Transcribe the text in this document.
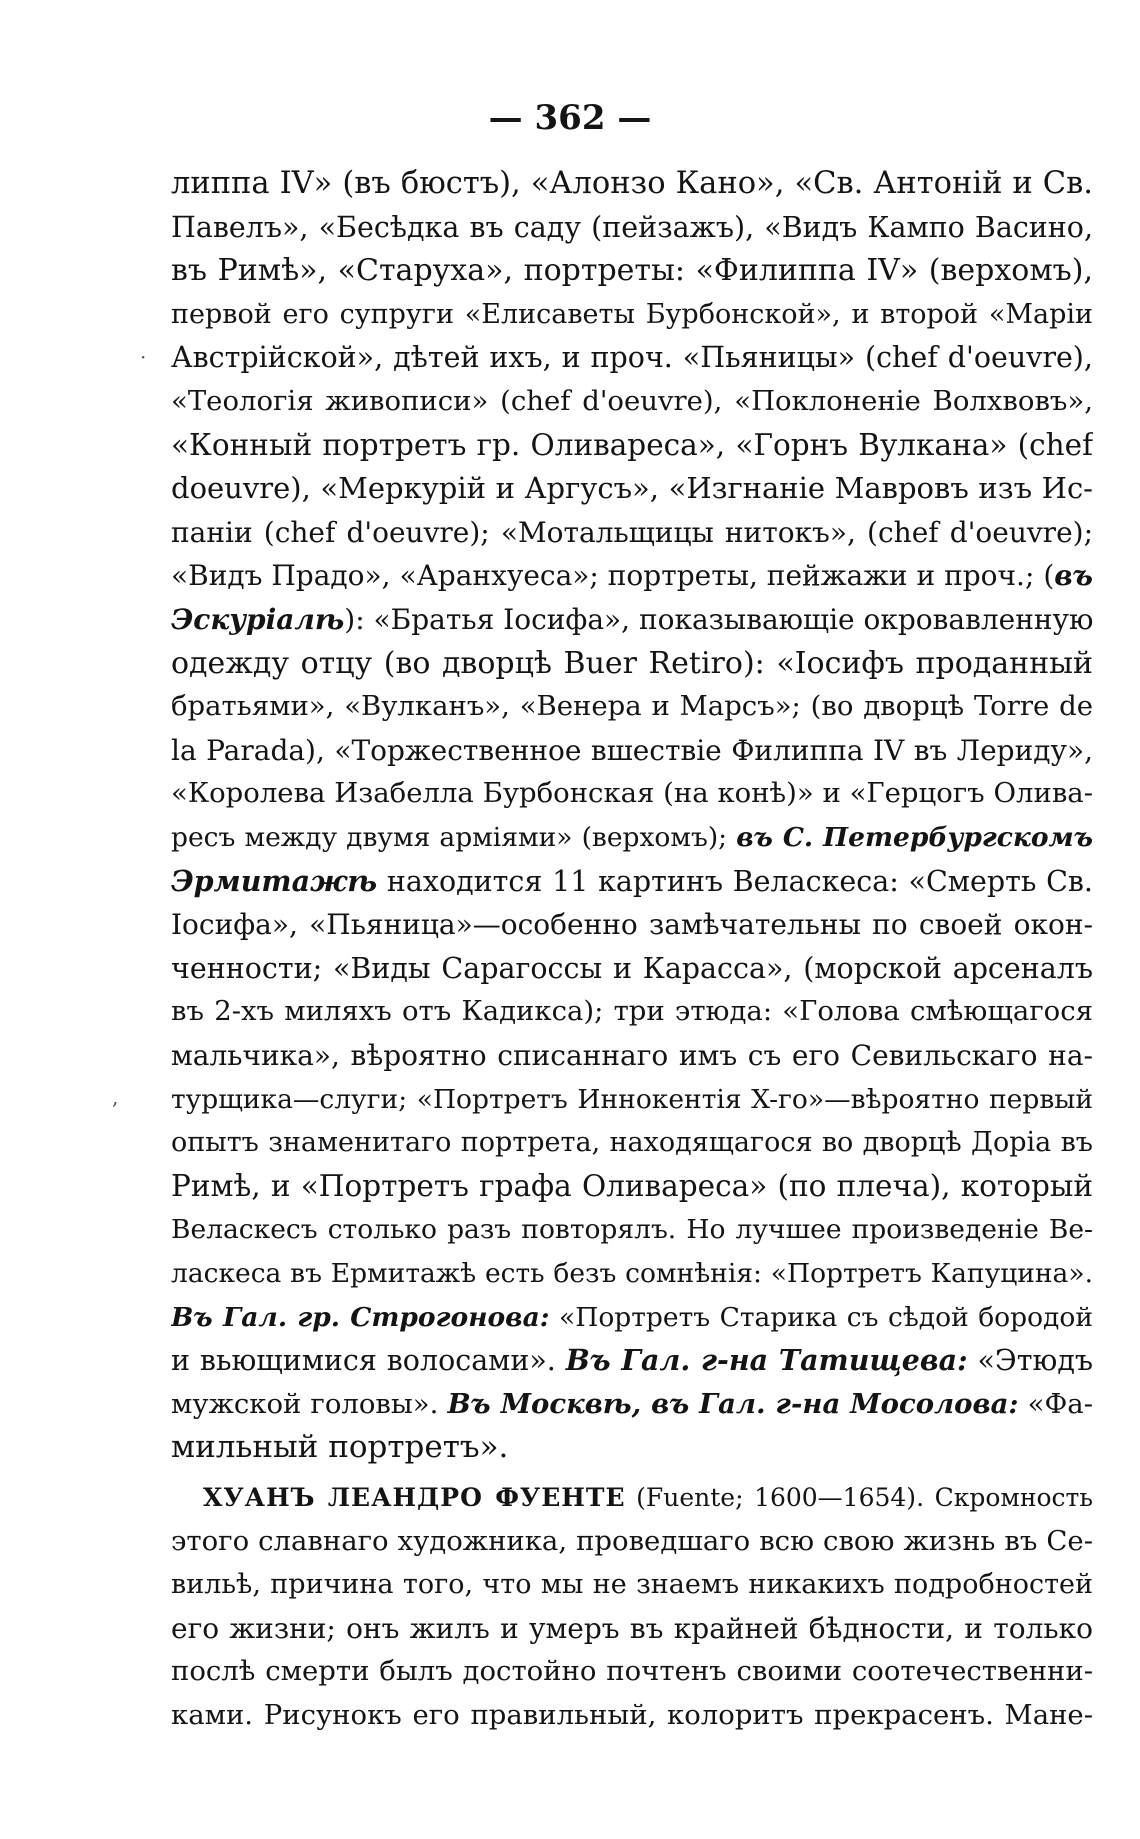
— 362 —
·
,
липпа IV» (въ бюстъ), «Алонзо Кано», «Св. Антоній и Св.
Павелъ», «Бесѣдка въ саду (пейзажъ), «Видъ Кампо Васино,
въ Римѣ», «Старуха», портреты: «Филиппа IV» (верхомъ),
первой его супруги «Елисаветы Бурбонской», и второй «Маріи
Австрійской», дѣтей ихъ, и проч. «Пьяницы» (chef d'oeuvre),
«Теологія живописи» (chef d'oeuvre), «Поклоненіе Волхвовъ»,
«Конный портретъ гр. Оливареса», «Горнъ Вулкана» (chef
doeuvre), «Меркурій и Аргусъ», «Изгнаніе Мавровъ изъ Ис-
паніи (chef d'oeuvre); «Мотальщицы нитокъ», (chef d'oeuvre);
«Видъ Прадо», «Аранхуеса»; портреты, пейжажи и проч.; (въ
Эскуріалѣ): «Братья Іосифа», показывающіе окровавленную
одежду отцу (во дворцѣ Buer Retiro): «Іосифъ проданный
братьями», «Вулканъ», «Венера и Марсъ»; (во дворцѣ Torre de
la Parada), «Торжественное вшествіе Филиппа IV въ Лериду»,
«Королева Изабелла Бурбонская (на конѣ)» и «Герцогъ Олива-
ресъ между двумя арміями» (верхомъ); въ С. Петербургскомъ
Эрмитажѣ находится 11 картинъ Веласкеса: «Смерть Св.
Іосифа», «Пьяница»—особенно замѣчательны по своей окон-
ченности; «Виды Сарагоссы и Карасса», (морской арсеналъ
въ 2-хъ миляхъ отъ Кадикса); три этюда: «Голова смѣющагося
мальчика», вѣроятно списаннаго имъ съ его Севильскаго на-
турщика—слуги; «Портретъ Иннокентія X-го»—вѣроятно первый
опытъ знаменитаго портрета, находящагося во дворцѣ Доріа въ
Римѣ, и «Портретъ графа Оливареса» (по плеча), который
Веласкесъ столько разъ повторялъ. Но лучшее произведеніе Ве-
ласкеса въ Ермитажѣ есть безъ сомнѣнія: «Портретъ Капуцина».
Въ Гал. гр. Строгонова: «Портретъ Старика съ сѣдой бородой
и вьющимися волосами». Въ Гал. г-на Татищева: «Этюдъ
мужской головы». Въ Москвѣ, въ Гал. г-на Мосолова: «Фа-
мильный портретъ».
ХУАНЪ ЛЕАНДРО ФУЕНТЕ (Fuente; 1600—1654). Скромность
этого славнаго художника, проведшаго всю свою жизнь въ Се-
вильѣ, причина того, что мы не знаемъ никакихъ подробностей
его жизни; онъ жилъ и умеръ въ крайней бѣдности, и только
послѣ смерти былъ достойно почтенъ своими соотечественни-
ками. Рисунокъ его правильный, колоритъ прекрасенъ. Мане-
